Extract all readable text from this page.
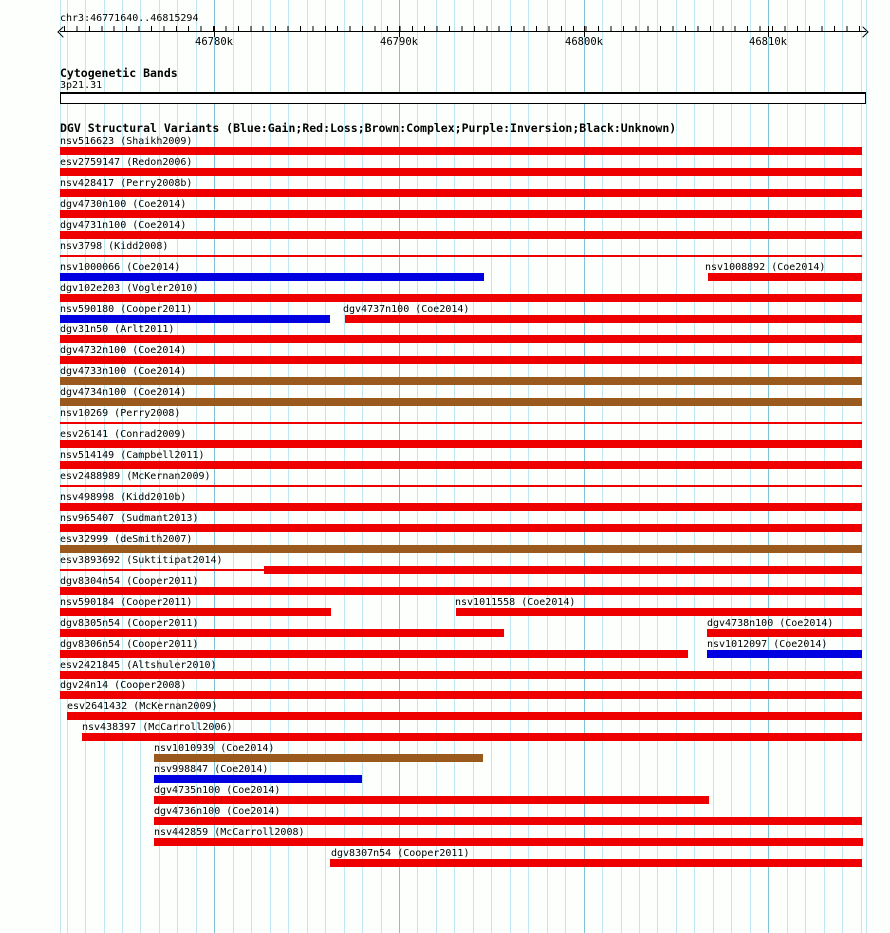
chr3:46771640..46815294
46780k	46790k	46800k	46810k
Cytogenetic Bands
3p21.31
DGV Structural Variants (Blue:Gain;Red:Loss;Brown:Complex;Purple:Inversion;Black:Unknown)
nsv516623 (Shaikh2009)
esv2759147 (Redon2006)
nsv428417 (Perry2008b)
dgv4730n100 (Coe2014)
dgv4731n100 (Coe2014)
nsv3798 (Kidd2008)
nsv1000066 (Coe2014)	nsv1008892 (Coe2014)
dgv102e203 (Vogler2010)
nsv590180 (Cooper2011)	dgv4737n100 (Coe2014)
dgv31n50 (Arlt2011)
dgv4732n100 (Coe2014)
dgv4733n100 (Coe2014)
dgv4734n100 (Coe2014)
nsv10269 (Perry2008)
esv26141 (Conrad2009)
nsv514149 (Campbell2011)
esv2488989 (McKernan2009)
nsv498998 (Kidd2010b)
nsv965407 (Sudmant2013)
esv32999 (deSmith2007)
esv3893692 (Suktitipat2014)
dgv8304n54 (Cooper2011)
nsv590184 (Cooper2011)	nsv1011558 (Coe2014)
dgv8305n54 (Cooper2011)	dgv4738n100 (Coe2014)
dgv8306n54 (Cooper2011)	nsv1012097 (Coe2014)
esv2421845 (Altshuler2010)
dgv24n14 (Cooper2008)
esv2641432 (McKernan2009)
nsv438397 (McCarroll2006)
nsv1010939 (Coe2014)
nsv998847 (Coe2014)
dgv4735n100 (Coe2014)
dgv4736n100 (Coe2014)
nsv442859 (McCarroll2008)
dgv8307n54 (Cooper2011)
